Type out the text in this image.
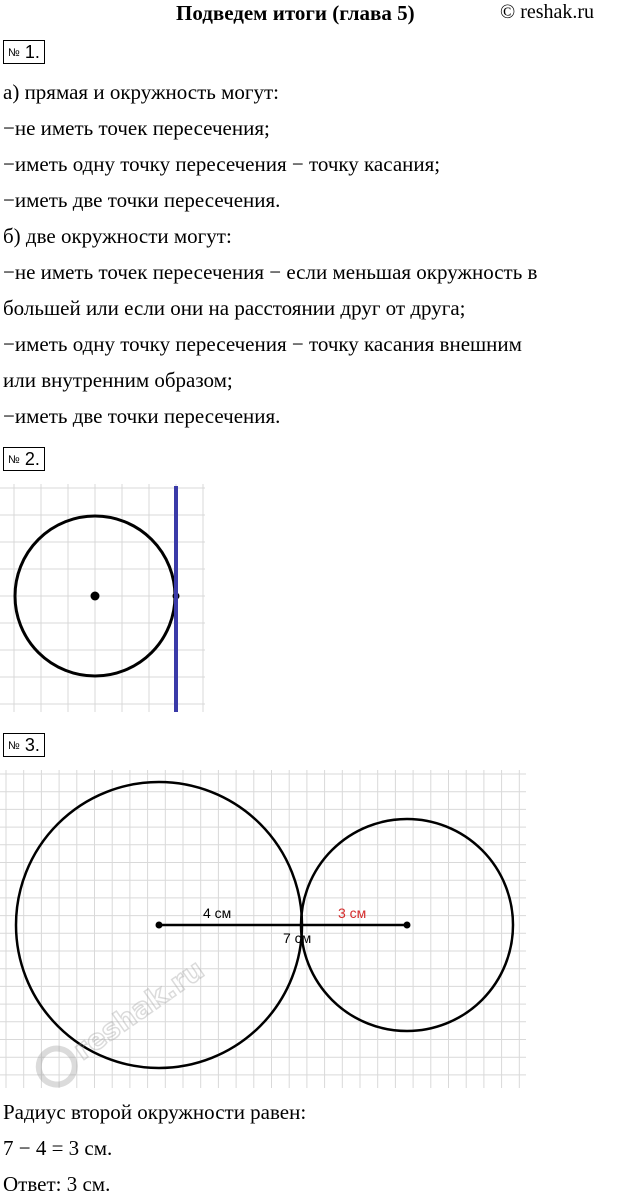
Подведем итоги (глава 5)	© reshak.ru
№ 1.
а) прямая и окружность могут:
−не иметь точек пересечения;
−иметь одну точку пересечения − точку касания;
−иметь две точки пересечения.
б) две окружности могут:
−не иметь точек пересечения − если меньшая окружность в
большей или если они на расстоянии друг от друга;
−иметь одну точку пересечения − точку касания внешним
или внутренним образом;
−иметь две точки пересечения.
№ 2.
№ 3.
4 см	3 см
7 см
Радиус второй окружности равен:
7 − 4 = 3 см.
Ответ: 3 см.
reshak.ru
